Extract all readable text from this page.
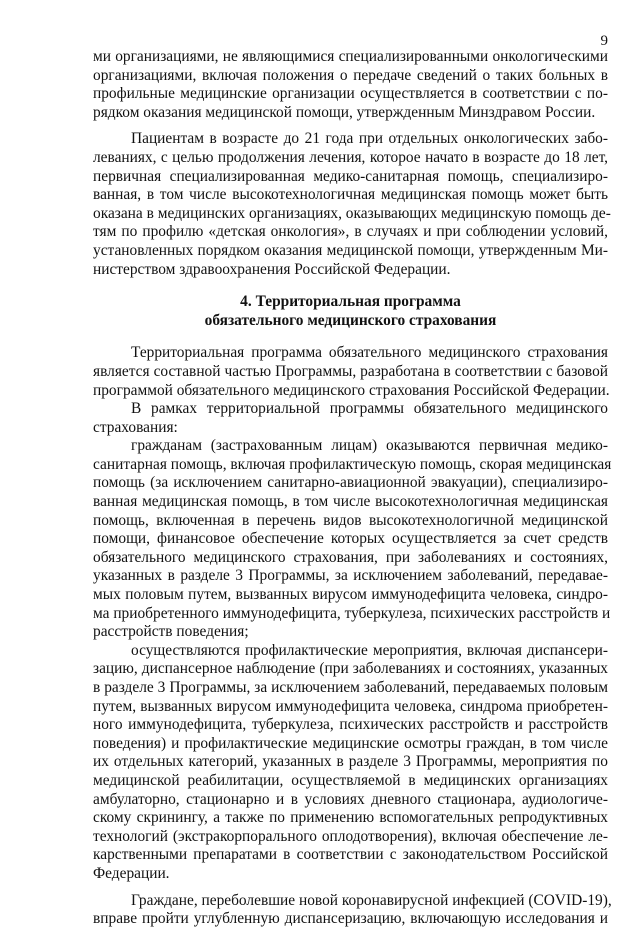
9
ми организациями, не являющимися специализированными онкологическими
организациями, включая положения о передаче сведений о таких больных в
профильные медицинские организации осуществляется в соответствии с по-
рядком оказания медицинской помощи, утвержденным Минздравом России.
Пациентам в возрасте до 21 года при отдельных онкологических забо-
леваниях, с целью продолжения лечения, которое начато в возрасте до 18 лет,
первичная специализированная медико-санитарная помощь, специализиро-
ванная, в том числе высокотехнологичная медицинская помощь может быть
оказана в медицинских организациях, оказывающих медицинскую помощь де-
тям по профилю «детская онкология», в случаях и при соблюдении условий,
установленных порядком оказания медицинской помощи, утвержденным Ми-
нистерством здравоохранения Российской Федерации.
4. Территориальная программа
обязательного медицинского страхования
Территориальная программа обязательного медицинского страхования
является составной частью Программы, разработана в соответствии с базовой
программой обязательного медицинского страхования Российской Федерации.
В рамках территориальной программы обязательного медицинского
страхования:
гражданам (застрахованным лицам) оказываются первичная медико-
санитарная помощь, включая профилактическую помощь, скорая медицинская
помощь (за исключением санитарно-авиационной эвакуации), специализиро-
ванная медицинская помощь, в том числе высокотехнологичная медицинская
помощь, включенная в перечень видов высокотехнологичной медицинской
помощи, финансовое обеспечение которых осуществляется за счет средств
обязательного медицинского страхования, при заболеваниях и состояниях,
указанных в разделе 3 Программы, за исключением заболеваний, передавае-
мых половым путем, вызванных вирусом иммунодефицита человека, синдро-
ма приобретенного иммунодефицита, туберкулеза, психических расстройств и
расстройств поведения;
осуществляются профилактические мероприятия, включая диспансери-
зацию, диспансерное наблюдение (при заболеваниях и состояниях, указанных
в разделе 3 Программы, за исключением заболеваний, передаваемых половым
путем, вызванных вирусом иммунодефицита человека, синдрома приобретен-
ного иммунодефицита, туберкулеза, психических расстройств и расстройств
поведения) и профилактические медицинские осмотры граждан, в том числе
их отдельных категорий, указанных в разделе 3 Программы, мероприятия по
медицинской реабилитации, осуществляемой в медицинских организациях
амбулаторно, стационарно и в условиях дневного стационара, аудиологиче-
скому скринингу, а также по применению вспомогательных репродуктивных
технологий (экстракорпорального оплодотворения), включая обеспечение ле-
карственными препаратами в соответствии с законодательством Российской
Федерации.
Граждане, переболевшие новой коронавирусной инфекцией (COVID-19),
вправе пройти углубленную диспансеризацию, включающую исследования и
